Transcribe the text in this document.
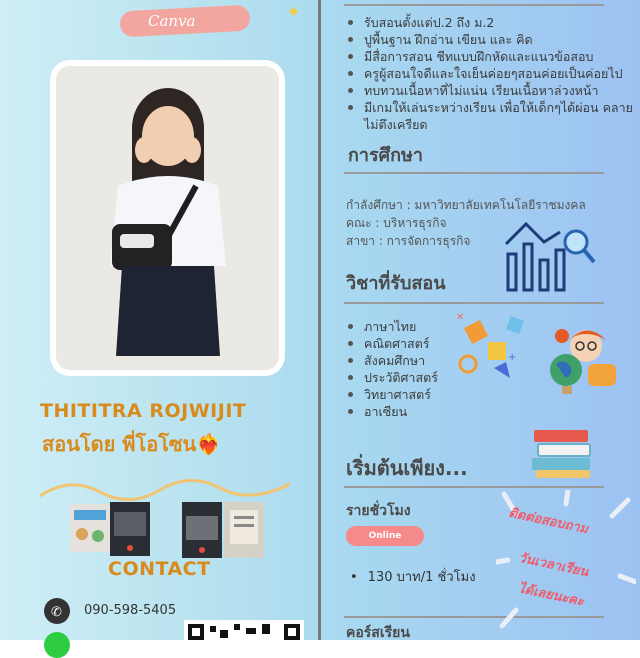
Canva	✦
THITITRA ROJWIJIT
สอนโดย พี่โอโซน❤️‍🔥
CONTACT
✆ 090-598-5405
รับสอนตั้งแต่ป.2 ถึง ม.2
ปูพื้นฐาน ฝึกอ่าน เขียน และ คิด
มีสื่อการสอน ชีทแบบฝึกหัดและแนวข้อสอบ
ครูผู้สอนใจดีและใจเย็นค่อยๆสอนค่อยเป็นค่อยไป
ทบทวนเนื้อหาที่ไม่แน่น เรียนเนื้อหาล่วงหน้า
มีเกมให้เล่นระหว่างเรียน เพื่อให้เด็กๆได้ผ่อน คลายไม่ตึงเครียด
การศึกษา
กำลังศึกษา : มหาวิทยาลัยเทคโนโลยีราชมงคล
คณะ : บริหารธุรกิจ
สาขา : การจัดการธุรกิจ
วิชาที่รับสอน
ภาษาไทย
คณิตศาสตร์
สังคมศึกษา
ประวัติศาสตร์
วิทยาศาสตร์
อาเซียน
+
✕
เริ่มต้นเพียง...
รายชั่วโมง
Online
• 130 บาท/1 ชั่วโมง
คอร์สเรียน
ติดต่อสอบถาม
วันเวลาเรียน
ได้เลยนะคะ
